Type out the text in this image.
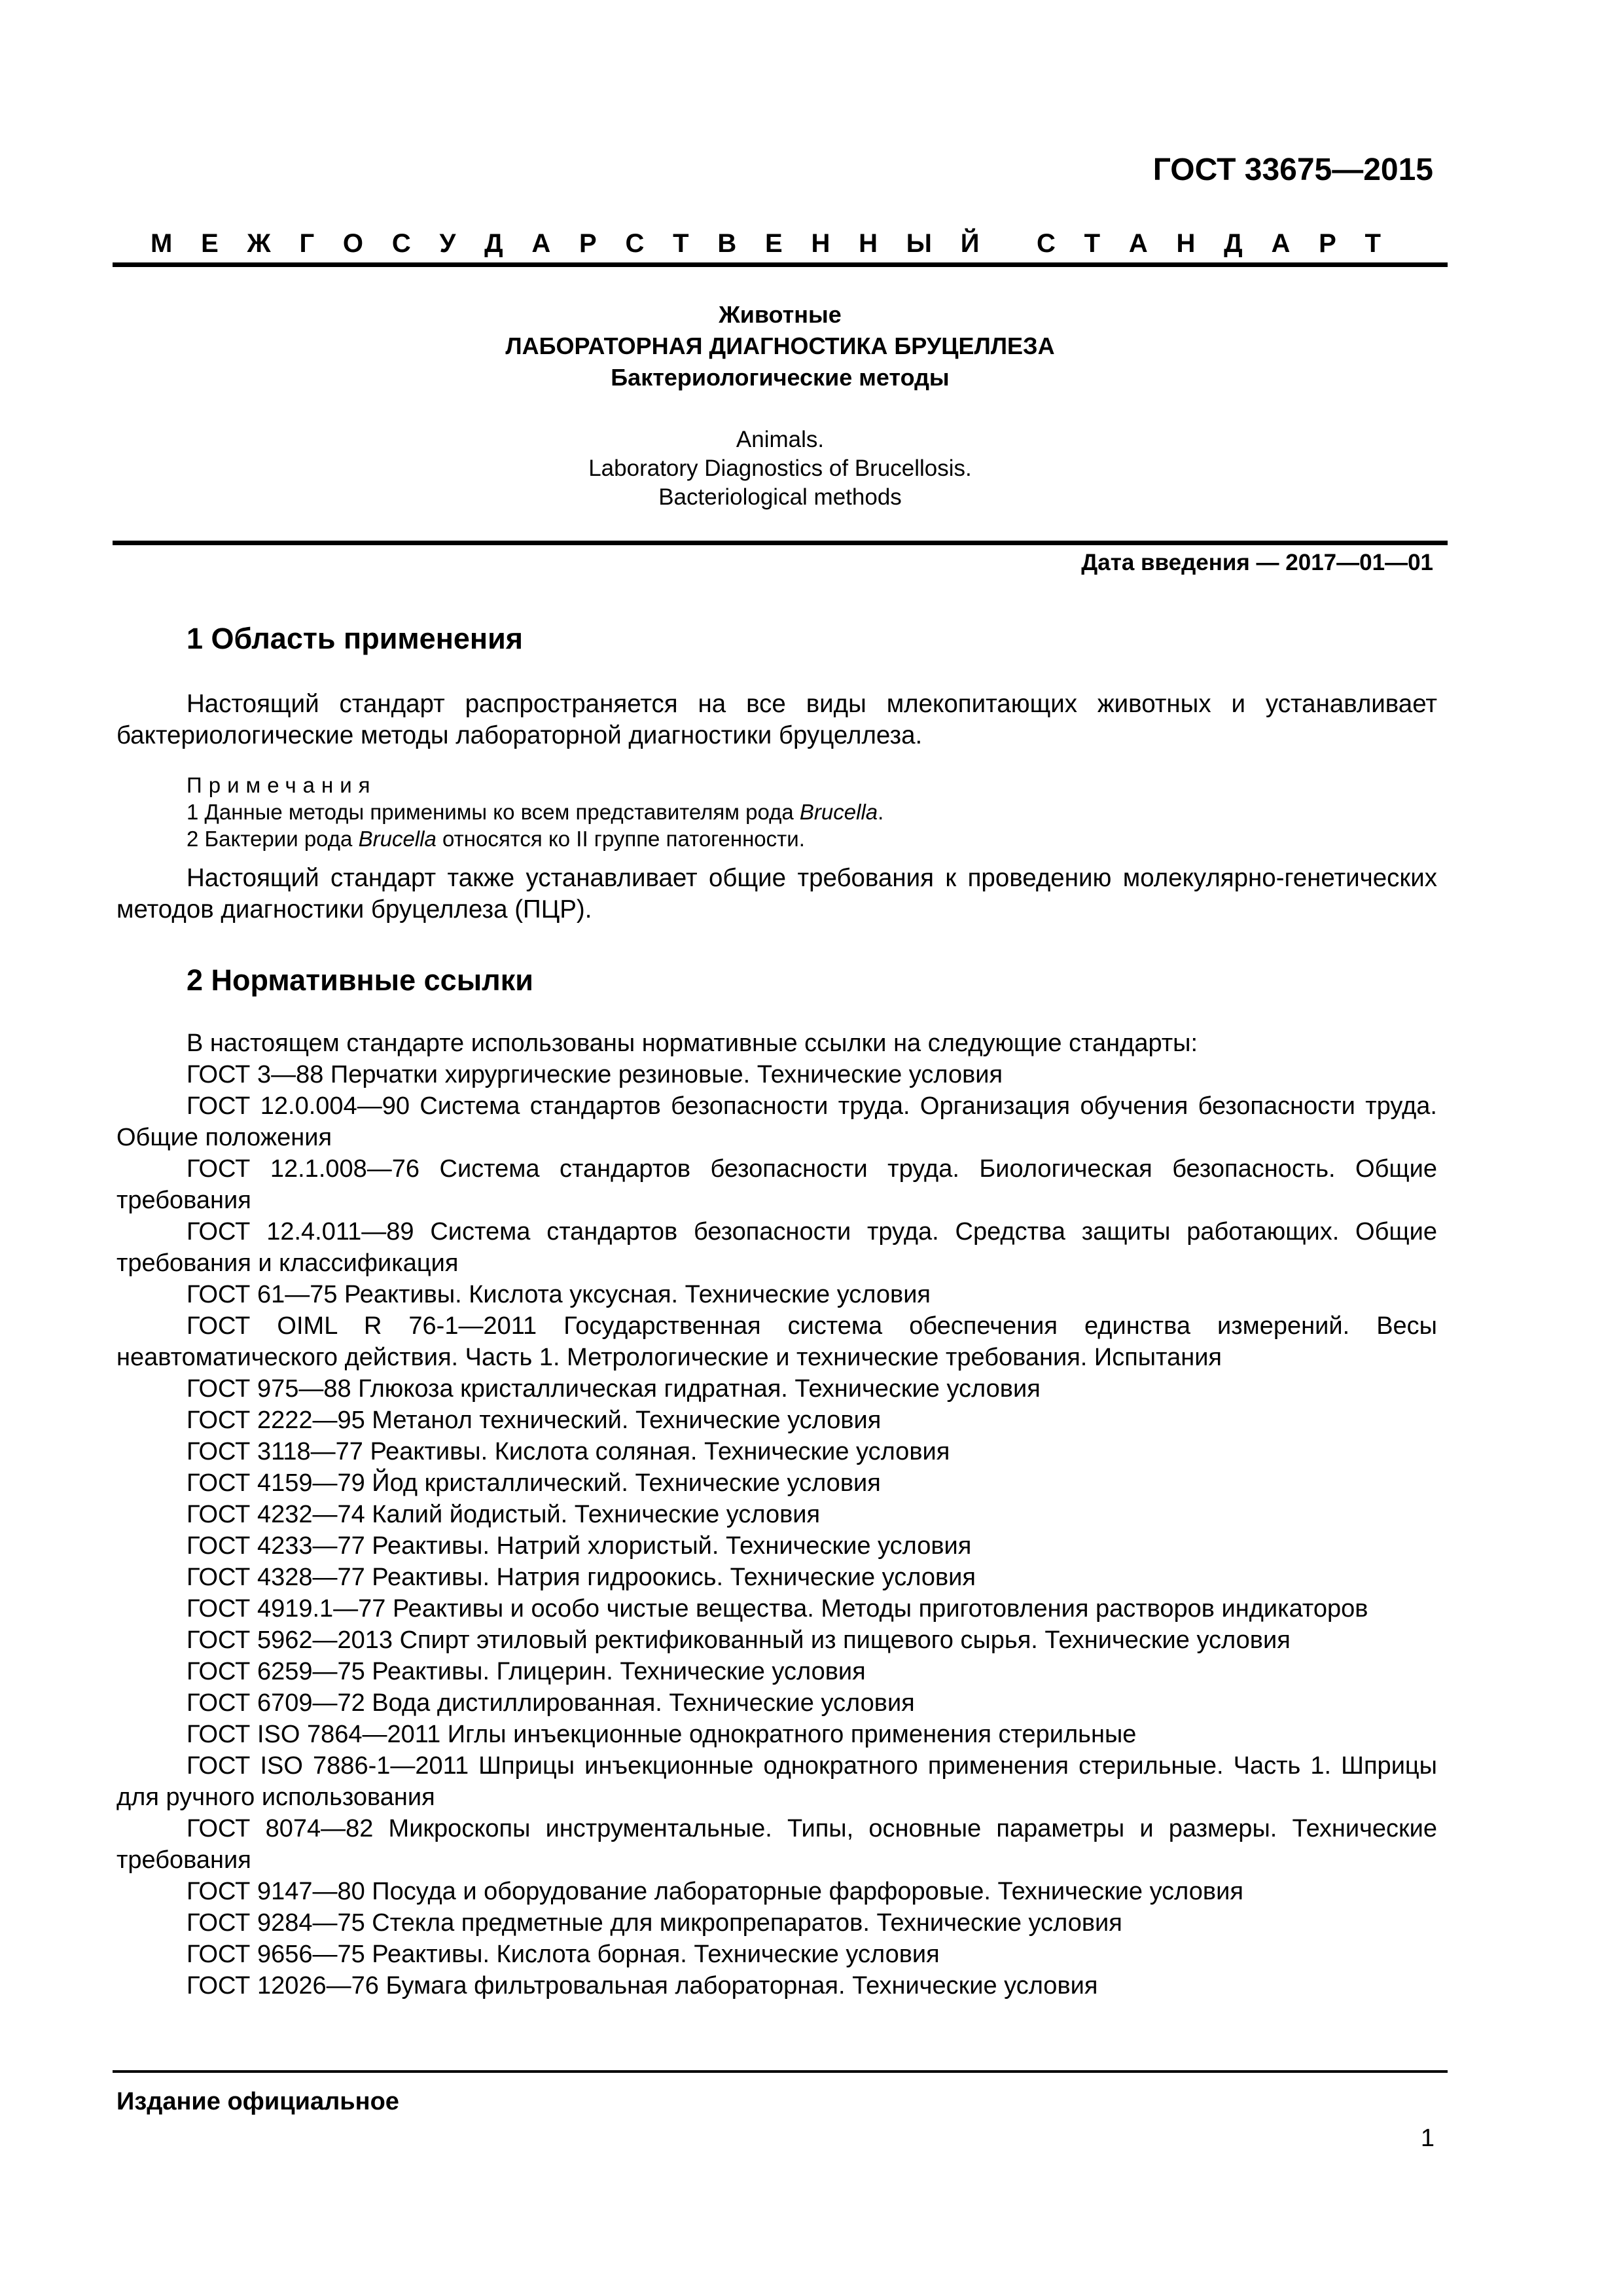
ГОСТ 33675—2015
М Е Ж Г О С У Д А Р С Т В Е Н Н Ы Й С Т А Н Д А Р Т
Животные
ЛАБОРАТОРНАЯ ДИАГНОСТИКА БРУЦЕЛЛЕЗА
Бактериологические методы
Animals.
Laboratory Diagnostics of Brucellosis.
Bacteriological methods
Дата введения — 2017—01—01
1 Область применения
Настоящий стандарт распространяется на все виды млекопитающих животных и устанавливает бактериологические методы лабораторной диагностики бруцеллеза.
Примечания
1 Данные методы применимы ко всем представителям рода Brucella.
2 Бактерии рода Brucella относятся ко II группе патогенности.
Настоящий стандарт также устанавливает общие требования к проведению молекулярно-генетических методов диагностики бруцеллеза (ПЦР).
2 Нормативные ссылки

В настоящем стандарте использованы нормативные ссылки на следующие стандарты:

ГОСТ 3—88 Перчатки хирургические резиновые. Технические условия

ГОСТ 12.0.004—90 Система стандартов безопасности труда. Организация обучения безопасности труда. Общие положения

ГОСТ 12.1.008—76 Система стандартов безопасности труда. Биологическая безопасность. Общие требования

ГОСТ 12.4.011—89 Система стандартов безопасности труда. Средства защиты работающих. Общие требования и классификация

ГОСТ 61—75 Реактивы. Кислота уксусная. Технические условия

ГОСТ OIML R 76-1—2011 Государственная система обеспечения единства измерений. Весы неавтоматического действия. Часть 1. Метрологические и технические требования. Испытания

ГОСТ 975—88 Глюкоза кристаллическая гидратная. Технические условия

ГОСТ 2222—95 Метанол технический. Технические условия

ГОСТ 3118—77 Реактивы. Кислота соляная. Технические условия

ГОСТ 4159—79 Йод кристаллический. Технические условия

ГОСТ 4232—74 Калий йодистый. Технические условия

ГОСТ 4233—77 Реактивы. Натрий хлористый. Технические условия

ГОСТ 4328—77 Реактивы. Натрия гидроокись. Технические условия

ГОСТ 4919.1—77 Реактивы и особо чистые вещества. Методы приготовления растворов индикаторов

ГОСТ 5962—2013 Спирт этиловый ректификованный из пищевого сырья. Технические условия

ГОСТ 6259—75 Реактивы. Глицерин. Технические условия

ГОСТ 6709—72 Вода дистиллированная. Технические условия

ГОСТ ISO 7864—2011 Иглы инъекционные однократного применения стерильные

ГОСТ ISO 7886-1—2011 Шприцы инъекционные однократного применения стерильные. Часть 1. Шприцы для ручного использования

ГОСТ 8074—82 Микроскопы инструментальные. Типы, основные параметры и размеры. Технические требования

ГОСТ 9147—80 Посуда и оборудование лабораторные фарфоровые. Технические условия

ГОСТ 9284—75 Стекла предметные для микропрепаратов. Технические условия

ГОСТ 9656—75 Реактивы. Кислота борная. Технические условия

ГОСТ 12026—76 Бумага фильтровальная лабораторная. Технические условия

Издание официальное
1
